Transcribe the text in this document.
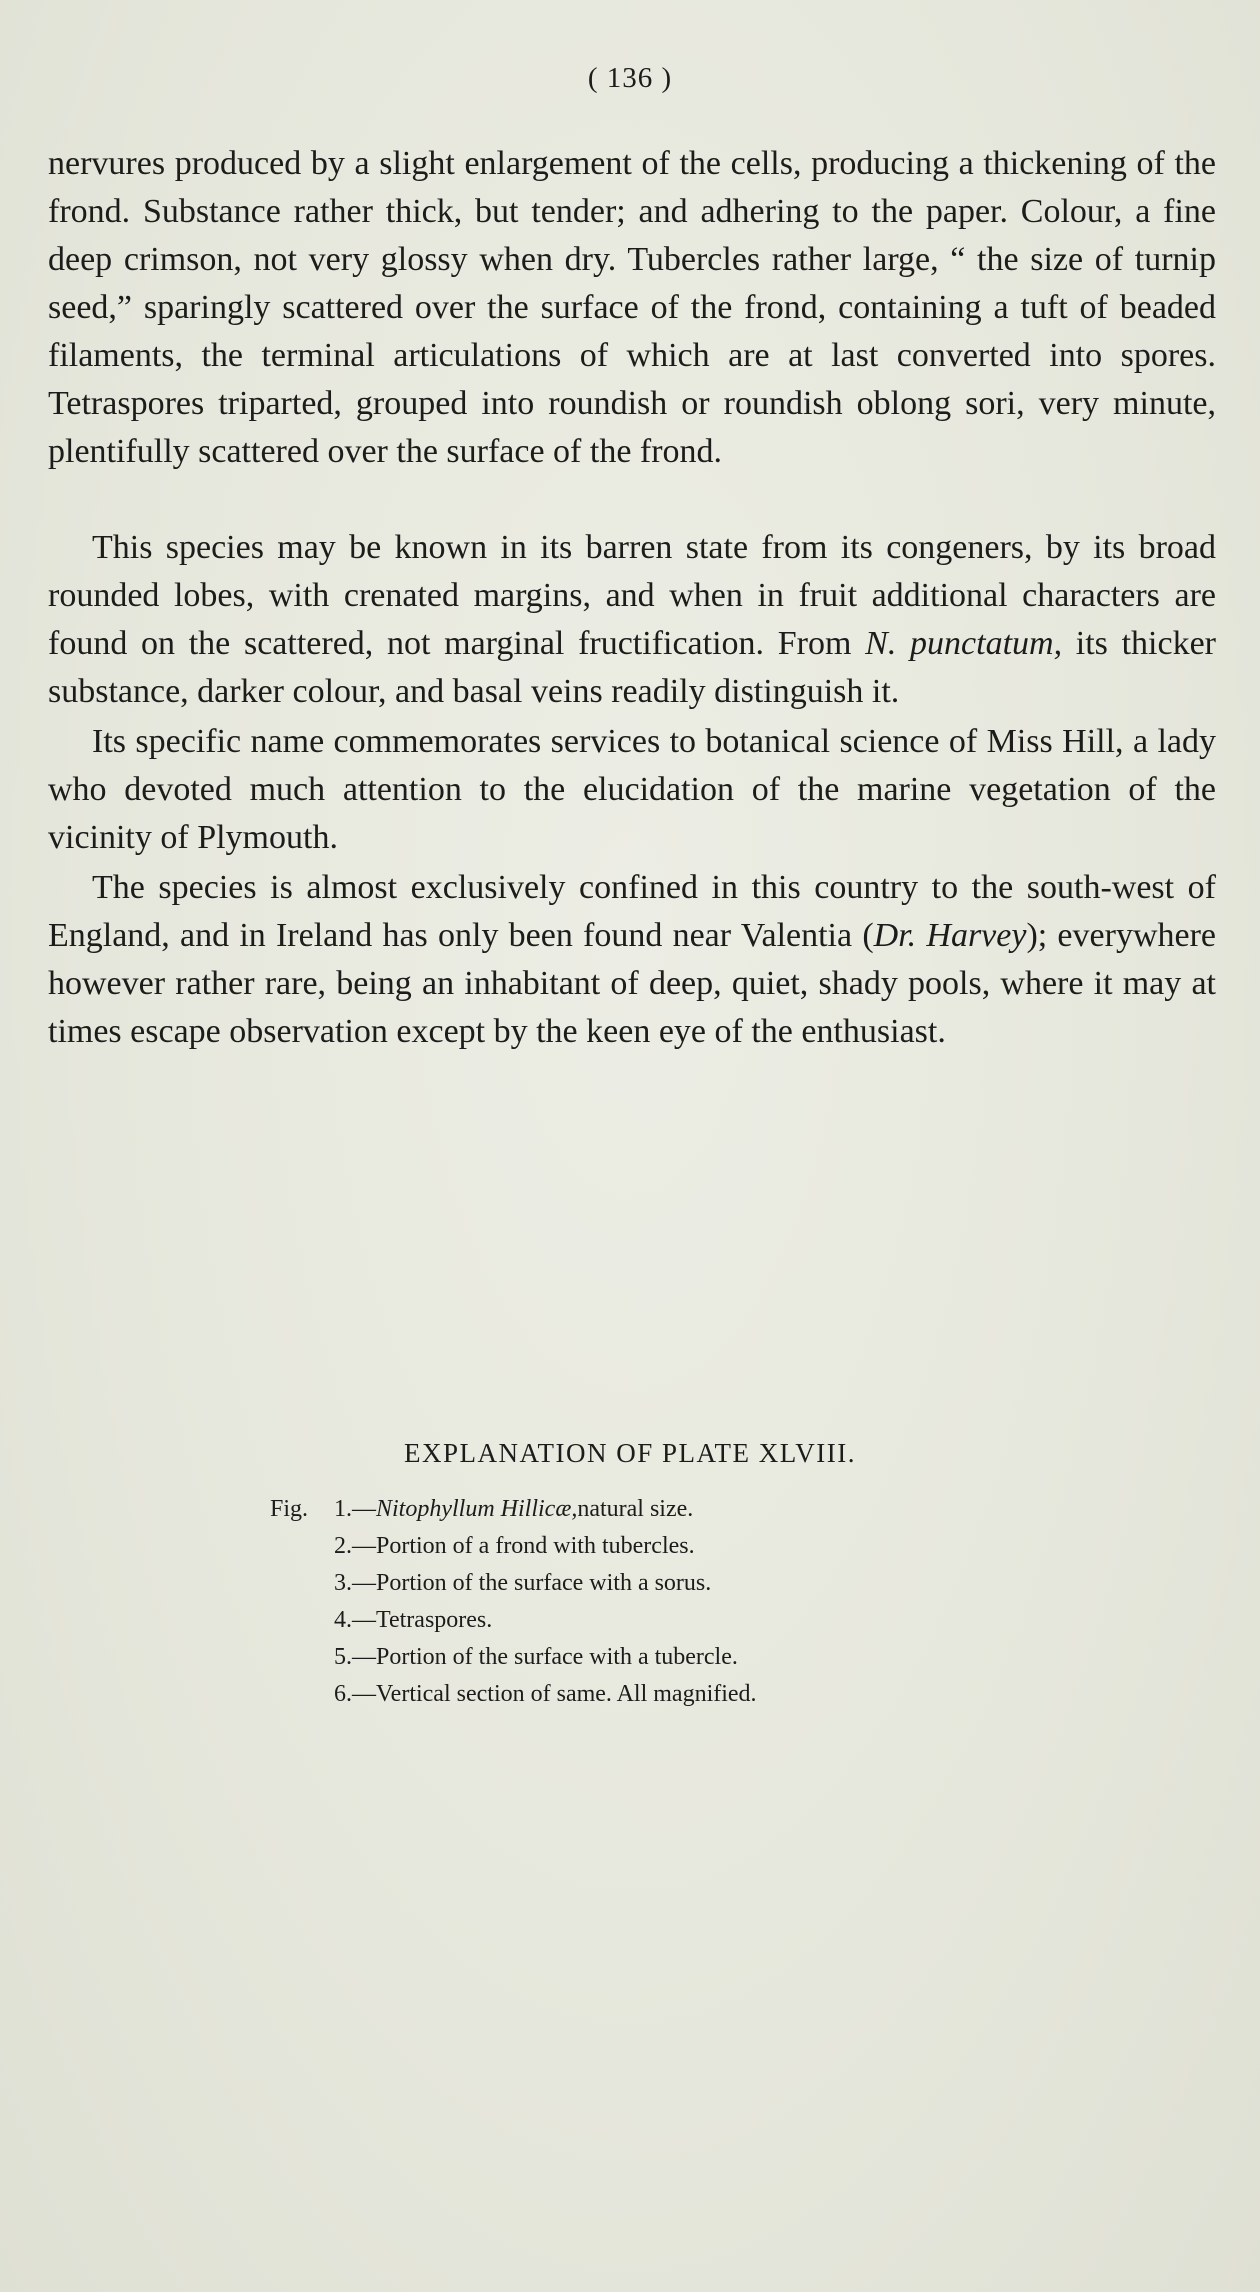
( 136 )

nervures produced by a slight enlargement of the cells, producing a thickening of the frond. Substance rather thick, but tender; and adhering to the paper. Colour, a fine deep crimson, not very glossy when dry. Tubercles rather large, “ the size of turnip seed,” sparingly scattered over the surface of the frond, containing a tuft of beaded filaments, the terminal articulations of which are at last converted into spores. Tetraspores triparted, grouped into roundish or roundish oblong sori, very minute, plentifully scattered over the surface of the frond.

This species may be known in its barren state from its congeners, by its broad rounded lobes, with crenated margins, and when in fruit additional characters are found on the scattered, not marginal fructification. From N. punctatum, its thicker substance, darker colour, and basal veins readily distinguish it.

Its specific name commemorates services to botanical science of Miss Hill, a lady who devoted much attention to the elucidation of the marine vegetation of the vicinity of Plymouth.

The species is almost exclusively confined in this country to the south-west of England, and in Ireland has only been found near Valentia (Dr. Harvey); everywhere however rather rare, being an inhabitant of deep, quiet, shady pools, where it may at times escape observation except by the keen eye of the enthusiast.

EXPLANATION OF PLATE XLVIII.
Fig.	1.— Nitophyllum Hillicæ, natural size.
2.— Portion of a frond with tubercles.
3.— Portion of the surface with a sorus.
4.— Tetraspores.
5.— Portion of the surface with a tubercle.
6.— Vertical section of same. All magnified.
